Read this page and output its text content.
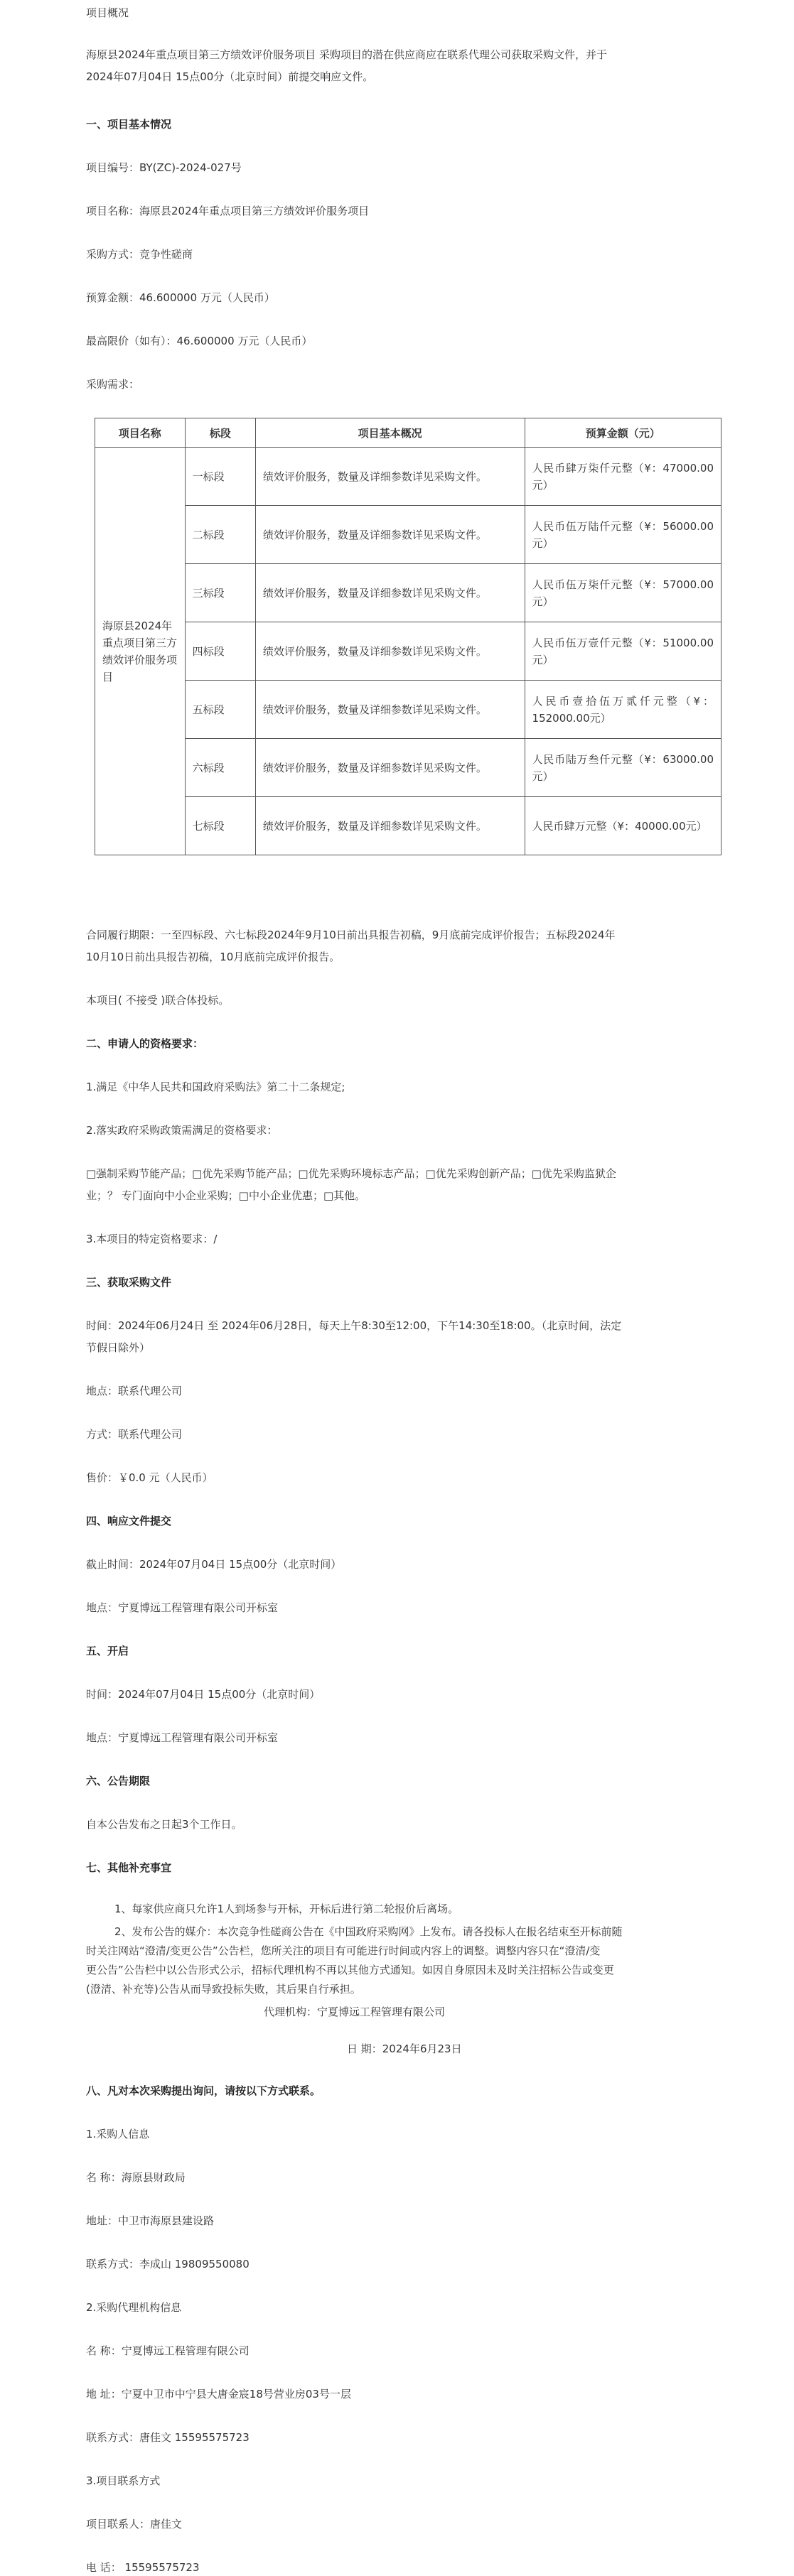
项目概况
海原县2024年重点项目第三方绩效评价服务项目 采购项目的潜在供应商应在联系代理公司获取采购文件，并于
2024年07月04日 15点00分（北京时间）前提交响应文件。
一、项目基本情况
项目编号：BY(ZC)-2024-027号
项目名称：海原县2024年重点项目第三方绩效评价服务项目
采购方式：竞争性磋商
预算金额：46.600000 万元（人民币）
最高限价（如有）：46.600000 万元（人民币）
采购需求：
项目名称	标段	项目基本概况	预算金额（元）
海原县2024年重点项目第三方绩效评价服务项目	一标段	绩效评价服务，数量及详细参数详见采购文件。	人民币肆万柒仟元整（¥：47000.00元）
	二标段	绩效评价服务，数量及详细参数详见采购文件。	人民币伍万陆仟元整（¥：56000.00元）
	三标段	绩效评价服务，数量及详细参数详见采购文件。	人民币伍万柒仟元整（¥：57000.00元）
	四标段	绩效评价服务，数量及详细参数详见采购文件。	人民币伍万壹仟元整（¥：51000.00元）
	五标段	绩效评价服务，数量及详细参数详见采购文件。	人民币壹拾伍万贰仟元整（¥：152000.00元）
	六标段	绩效评价服务，数量及详细参数详见采购文件。	人民币陆万叁仟元整（¥：63000.00元）
	七标段	绩效评价服务，数量及详细参数详见采购文件。	人民币肆万元整（¥：40000.00元）
合同履行期限：一至四标段、六七标段2024年9月10日前出具报告初稿，9月底前完成评价报告；五标段2024年
10月10日前出具报告初稿，10月底前完成评价报告。
本项目( 不接受 )联合体投标。
二、申请人的资格要求：
1.满足《中华人民共和国政府采购法》第二十二条规定;
2.落实政府采购政策需满足的资格要求：
□强制采购节能产品；□优先采购节能产品；□优先采购环境标志产品；□优先采购创新产品；□优先采购监狱企
业；？ 专门面向中小企业采购；□中小企业优惠；□其他。
3.本项目的特定资格要求：/
三、获取采购文件
时间：2024年06月24日 至 2024年06月28日，每天上午8:30至12:00，下午14:30至18:00。（北京时间，法定
节假日除外）
地点：联系代理公司
方式：联系代理公司
售价：￥0.0 元（人民币）
四、响应文件提交
截止时间：2024年07月04日 15点00分（北京时间）
地点：宁夏博远工程管理有限公司开标室
五、开启
时间：2024年07月04日 15点00分（北京时间）
地点：宁夏博远工程管理有限公司开标室
六、公告期限
自本公告发布之日起3个工作日。
七、其他补充事宜
1、每家供应商只允许1人到场参与开标，开标后进行第二轮报价后离场。
2、发布公告的媒介：本次竞争性磋商公告在《中国政府采购网》上发布。请各投标人在报名结束至开标前随
时关注网站“澄清/变更公告”公告栏，您所关注的项目有可能进行时间或内容上的调整。调整内容只在“澄清/变
更公告”公告栏中以公告形式公示，招标代理机构不再以其他方式通知。如因自身原因未及时关注招标公告或变更
(澄清、补充等)公告从而导致投标失败，其后果自行承担。
代理机构：宁夏博远工程管理有限公司
日 期：2024年6月23日
八、凡对本次采购提出询问，请按以下方式联系。
1.采购人信息
名 称：海原县财政局
地址：中卫市海原县建设路
联系方式：李成山 19809550080
2.采购代理机构信息
名 称：宁夏博远工程管理有限公司
地 址：宁夏中卫市中宁县大唐金宸18号营业房03号一层
联系方式：唐佳文 15595575723
3.项目联系方式
项目联系人：唐佳文
电 话： 15595575723
